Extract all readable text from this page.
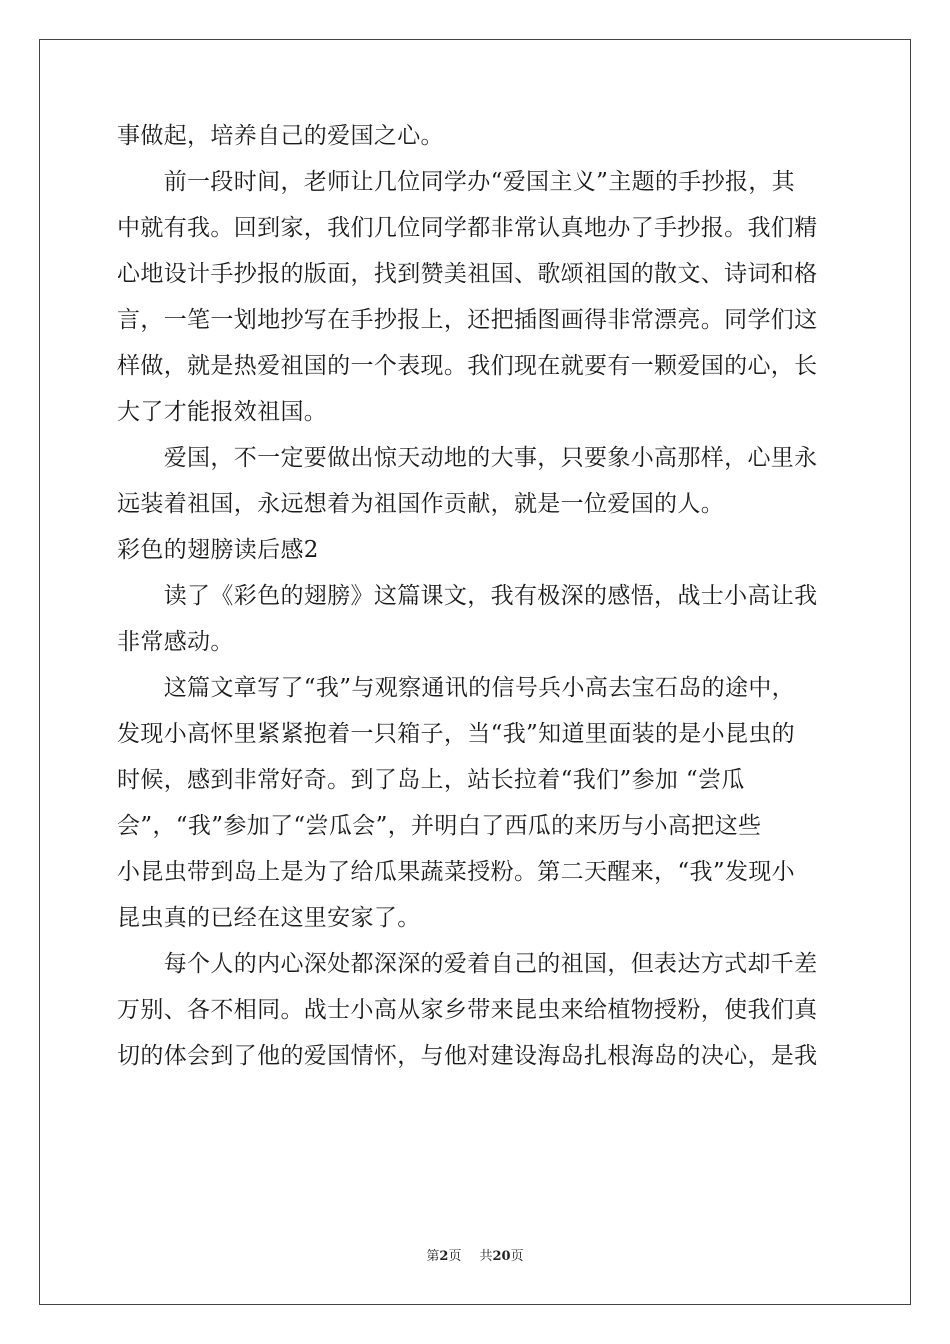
事做起，培养自己的爱国之心。
　　前一段时间，老师让几位同学办“爱国主义”主题的手抄报，其
中就有我。回到家，我们几位同学都非常认真地办了手抄报。我们精
心地设计手抄报的版面，找到赞美祖国、歌颂祖国的散文、诗词和格
言，一笔一划地抄写在手抄报上，还把插图画得非常漂亮。同学们这
样做，就是热爱祖国的一个表现。我们现在就要有一颗爱国的心，长
大了才能报效祖国。
　　爱国，不一定要做出惊天动地的大事，只要象小高那样，心里永
远装着祖国，永远想着为祖国作贡献，就是一位爱国的人。
彩色的翅膀读后感2
　　读了《彩色的翅膀》这篇课文，我有极深的感悟，战士小高让我
非常感动。
　　这篇文章写了“我”与观察通讯的信号兵小高去宝石岛的途中，
发现小高怀里紧紧抱着一只箱子，当“我”知道里面装的是小昆虫的
时候，感到非常好奇。到了岛上，站长拉着“我们”参加 “尝瓜
会”，“我”参加了“尝瓜会”，并明白了西瓜的来历与小高把这些
小昆虫带到岛上是为了给瓜果蔬菜授粉。第二天醒来，“我”发现小
昆虫真的已经在这里安家了。
　　每个人的内心深处都深深的爱着自己的祖国，但表达方式却千差
万别、各不相同。战士小高从家乡带来昆虫来给植物授粉，使我们真
切的体会到了他的爱国情怀，与他对建设海岛扎根海岛的决心，是我
第2页 共20页
